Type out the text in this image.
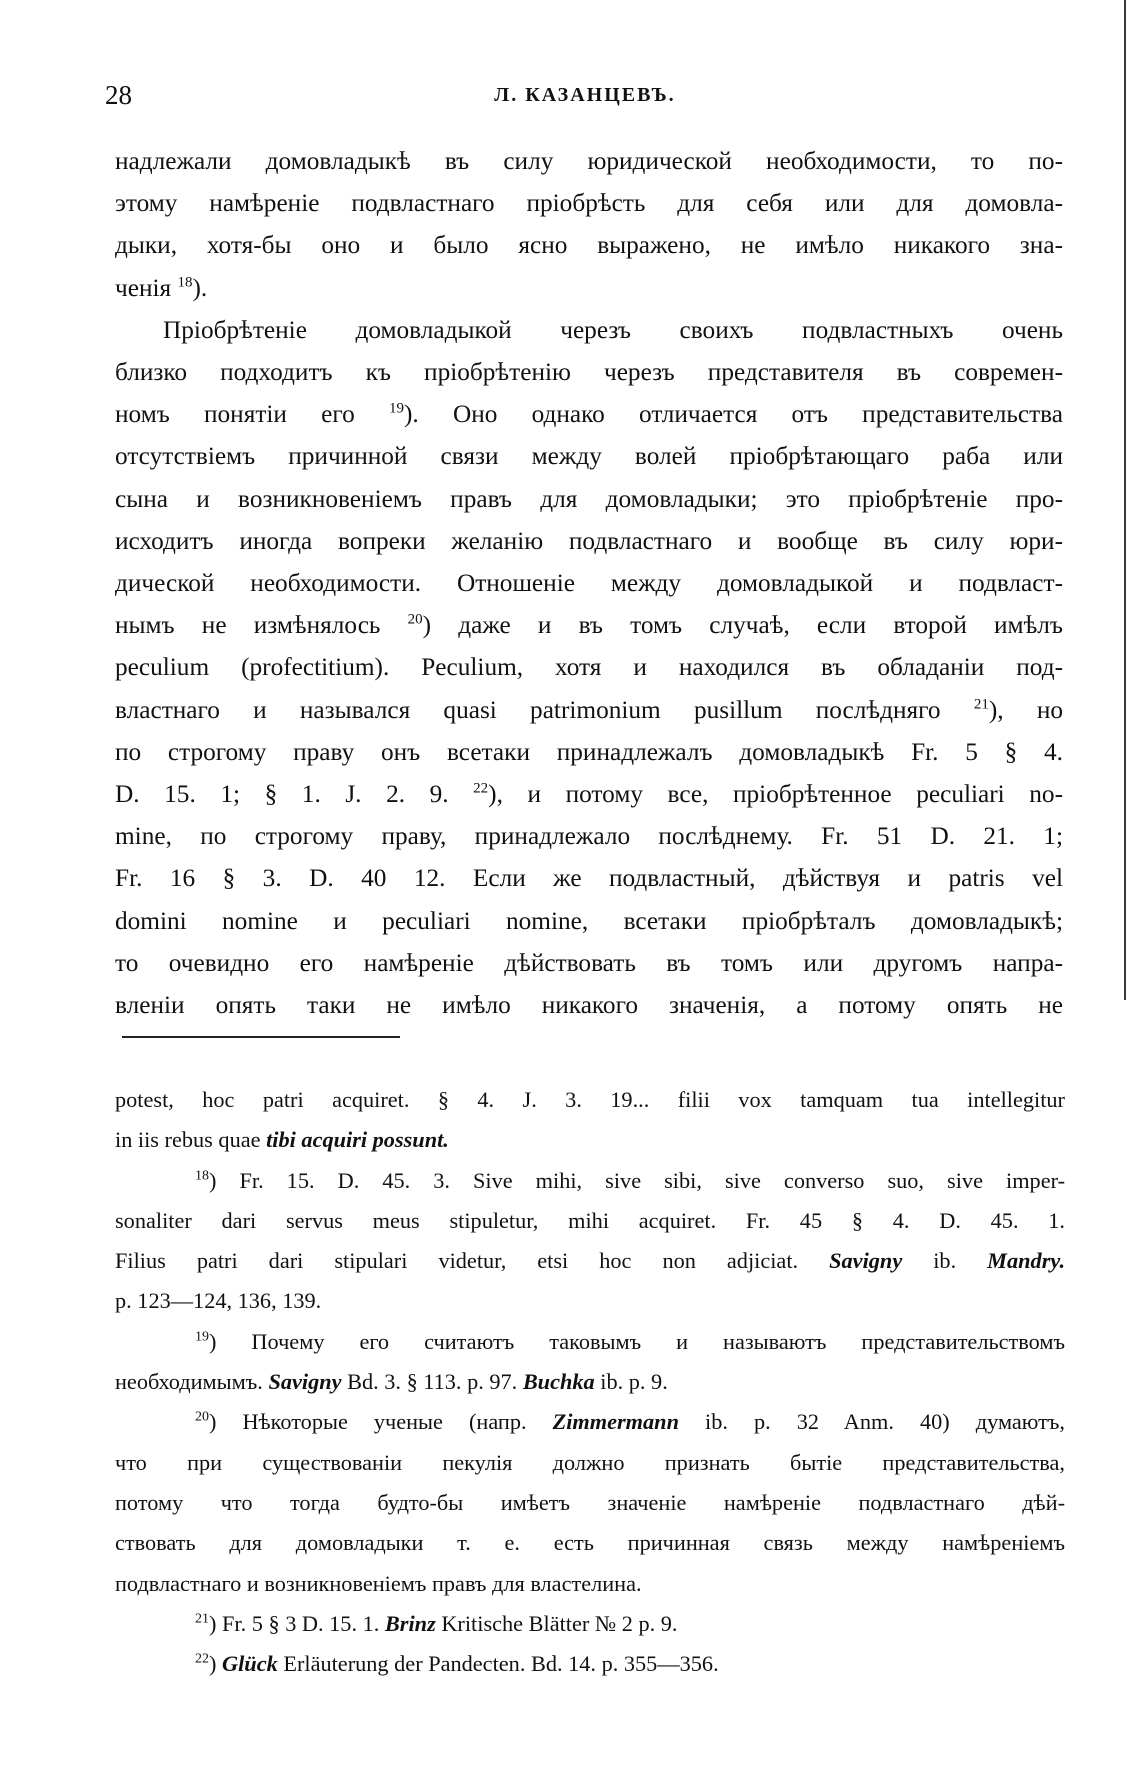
28	Л. КАЗАНЦЕВЪ.
надлежали домовладыкѣ въ силу юридической необходимости, то по-
этому намѣреніе подвластнаго пріобрѣсть для себя или для домовла-
дыки, хотя-бы оно и было ясно выражено, не имѣло никакого зна-
ченія $^{18}$).
Пріобрѣтеніе домовладыкой черезъ своихъ подвластныхъ очень
близко подходитъ къ пріобрѣтенію черезъ представителя въ современ-
номъ понятіи его $^{19}$). Оно однако отличается отъ представительства
отсутствіемъ причинной связи между волей пріобрѣтающаго раба или
сына и возникновеніемъ правъ для домовладыки; это пріобрѣтеніе про-
исходитъ иногда вопреки желанію подвластнаго и вообще въ силу юри-
дической необходимости. Отношеніе между домовладыкой и подвласт-
нымъ не измѣнялось $^{20}$) даже и въ томъ случаѣ, если второй имѣлъ
peculium (profectitium). Peculium, хотя и находился въ обладаніи под-
властнаго и назывался quasi patrimonium pusillum послѣдняго $^{21}$), но
по строгому праву онъ всетаки принадлежалъ домовладыкѣ Fr. 5 § 4.
D. 15. 1; § 1. J. 2. 9. $^{22}$), и потому все, пріобрѣтенное peculiari no-
mine, по строгому праву, принадлежало послѣднему. Fr. 51 D. 21. 1;
Fr. 16 § 3. D. 40 12. Если же подвластный, дѣйствуя и patris vel
domini nomine и peculiari nomine, всетаки пріобрѣталъ домовладыкѣ;
то очевидно его намѣреніе дѣйствовать въ томъ или другомъ напра-
вленіи опять таки не имѣло никакого значенія, а потому опять не
potest, hoc patri acquiret. § 4. J. 3. 19... filii vox tamquam tua intellegitur
in iis rebus quae tibi acquiri possunt.
$^{18}$) Fr. 15. D. 45. 3. Sive mihi, sive sibi, sive converso suo, sive imper-
sonaliter dari servus meus stipuletur, mihi acquiret. Fr. 45 § 4. D. 45. 1.
Filius patri dari stipulari videtur, etsi hoc non adjiciat. Savigny ib. Mandry.
p. 123—124, 136, 139.
$^{19}$) Почему его считаютъ таковымъ и называютъ представительствомъ
необходимымъ. Savigny Bd. 3. § 113. p. 97. Buchka ib. p. 9.
$^{20}$) Нѣкоторые ученые (напр. Zimmermann ib. p. 32 Anm. 40) думаютъ,
что при существованіи пекулія должно признать бытіе представительства,
потому что тогда будто-бы имѣетъ значеніе намѣреніе подвластнаго дѣй-
ствовать для домовладыки т. е. есть причинная связь между намѣреніемъ
подвластнаго и возникновеніемъ правъ для властелина.
$^{21}$) Fr. 5 § 3 D. 15. 1. Brinz Kritische Blätter № 2 p. 9.
$^{22}$) Glück Erläuterung der Pandecten. Bd. 14. p. 355—356.
